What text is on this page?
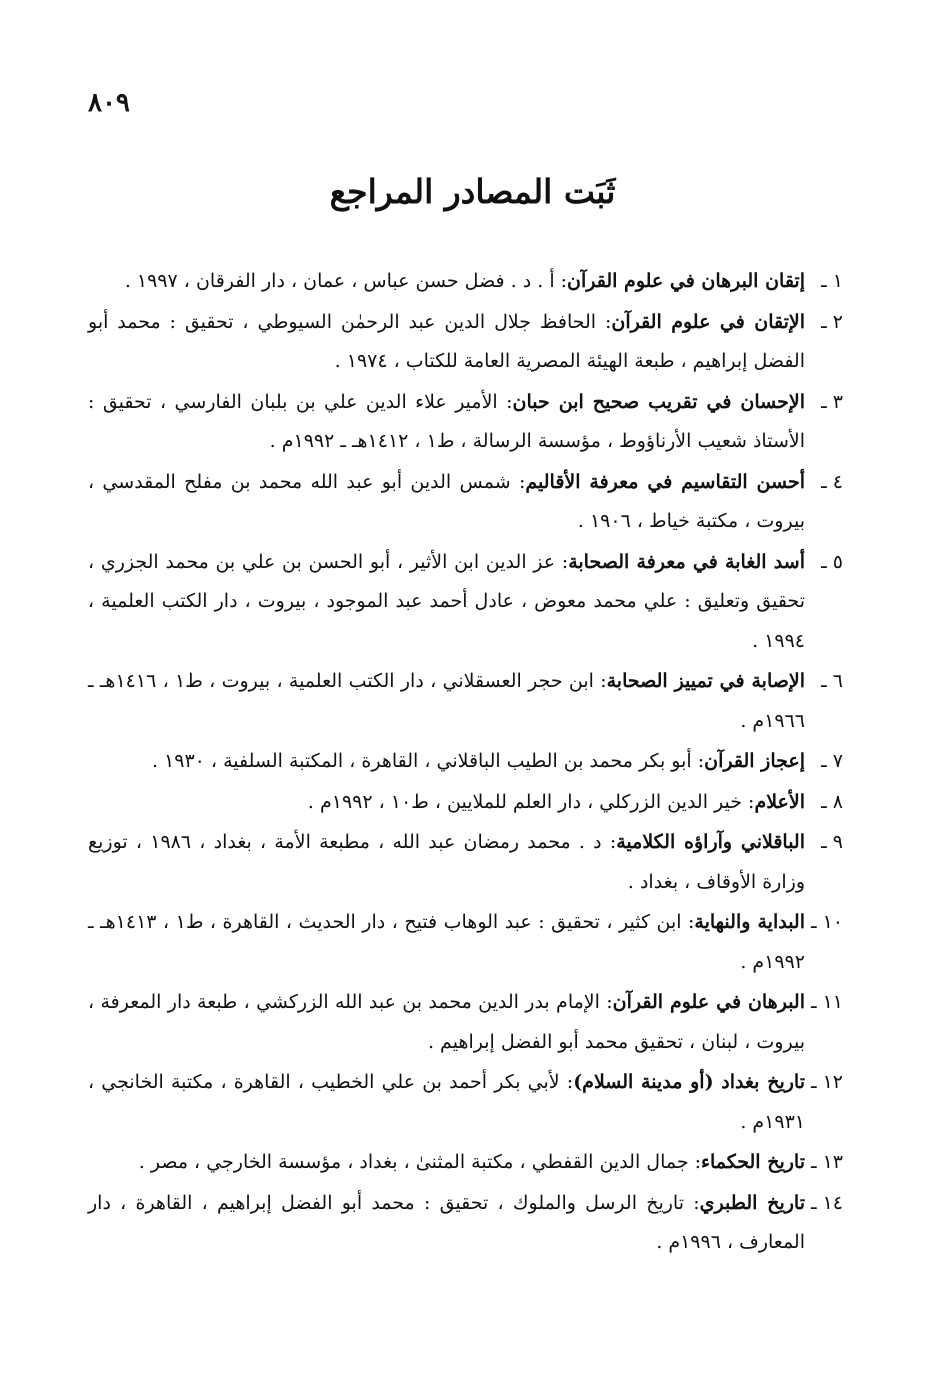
٨٠٩
ثَبَت المصادر المراجع
١ ـ
إتقان البرهان في علوم القرآن: أ . د . فضل حسن عباس ، عمان ، دار الفرقان ، ١٩٩٧ .
٢ ـ
الإتقان في علوم القرآن: الحافظ جلال الدين عبد الرحمٰن السيوطي ، تحقيق : محمد أبو الفضل إبراهيم ، طبعة الهيئة المصرية العامة للكتاب ، ١٩٧٤ .
٣ ـ
الإحسان في تقريب صحيح ابن حبان: الأمير علاء الدين علي بن بلبان الفارسي ، تحقيق : الأستاذ شعيب الأرناؤوط ، مؤسسة الرسالة ، ط١ ، ١٤١٢هـ ـ ١٩٩٢م .
٤ ـ
أحسن التقاسيم في معرفة الأقاليم: شمس الدين أبو عبد الله محمد بن مفلح المقدسي ، بيروت ، مكتبة خياط ، ١٩٠٦ .
٥ ـ
أسد الغابة في معرفة الصحابة: عز الدين ابن الأثير ، أبو الحسن بن علي بن محمد الجزري ، تحقيق وتعليق : علي محمد معوض ، عادل أحمد عبد الموجود ، بيروت ، دار الكتب العلمية ، ١٩٩٤ .
٦ ـ
الإصابة في تمييز الصحابة: ابن حجر العسقلاني ، دار الكتب العلمية ، بيروت ، ط١ ، ١٤١٦هـ ـ ١٩٦٦م .
٧ ـ
إعجاز القرآن: أبو بكر محمد بن الطيب الباقلاني ، القاهرة ، المكتبة السلفية ، ١٩٣٠ .
٨ ـ
الأعلام: خير الدين الزركلي ، دار العلم للملايين ، ط١٠ ، ١٩٩٢م .
٩ ـ
الباقلاني وآراؤه الكلامية: د . محمد رمضان عبد الله ، مطبعة الأمة ، بغداد ، ١٩٨٦ ، توزيع وزارة الأوقاف ، بغداد .
١٠ ـ
البداية والنهاية: ابن كثير ، تحقيق : عبد الوهاب فتيح ، دار الحديث ، القاهرة ، ط١ ، ١٤١٣هـ ـ ١٩٩٢م .
١١ ـ
البرهان في علوم القرآن: الإمام بدر الدين محمد بن عبد الله الزركشي ، طبعة دار المعرفة ، بيروت ، لبنان ، تحقيق محمد أبو الفضل إبراهيم .
١٢ ـ
تاريخ بغداد (أو مدينة السلام): لأبي بكر أحمد بن علي الخطيب ، القاهرة ، مكتبة الخانجي ، ١٩٣١م .
١٣ ـ
تاريخ الحكماء: جمال الدين القفطي ، مكتبة المثنىٰ ، بغداد ، مؤسسة الخارجي ، مصر .
١٤ ـ
تاريخ الطبري: تاريخ الرسل والملوك ، تحقيق : محمد أبو الفضل إبراهيم ، القاهرة ، دار المعارف ، ١٩٩٦م .
